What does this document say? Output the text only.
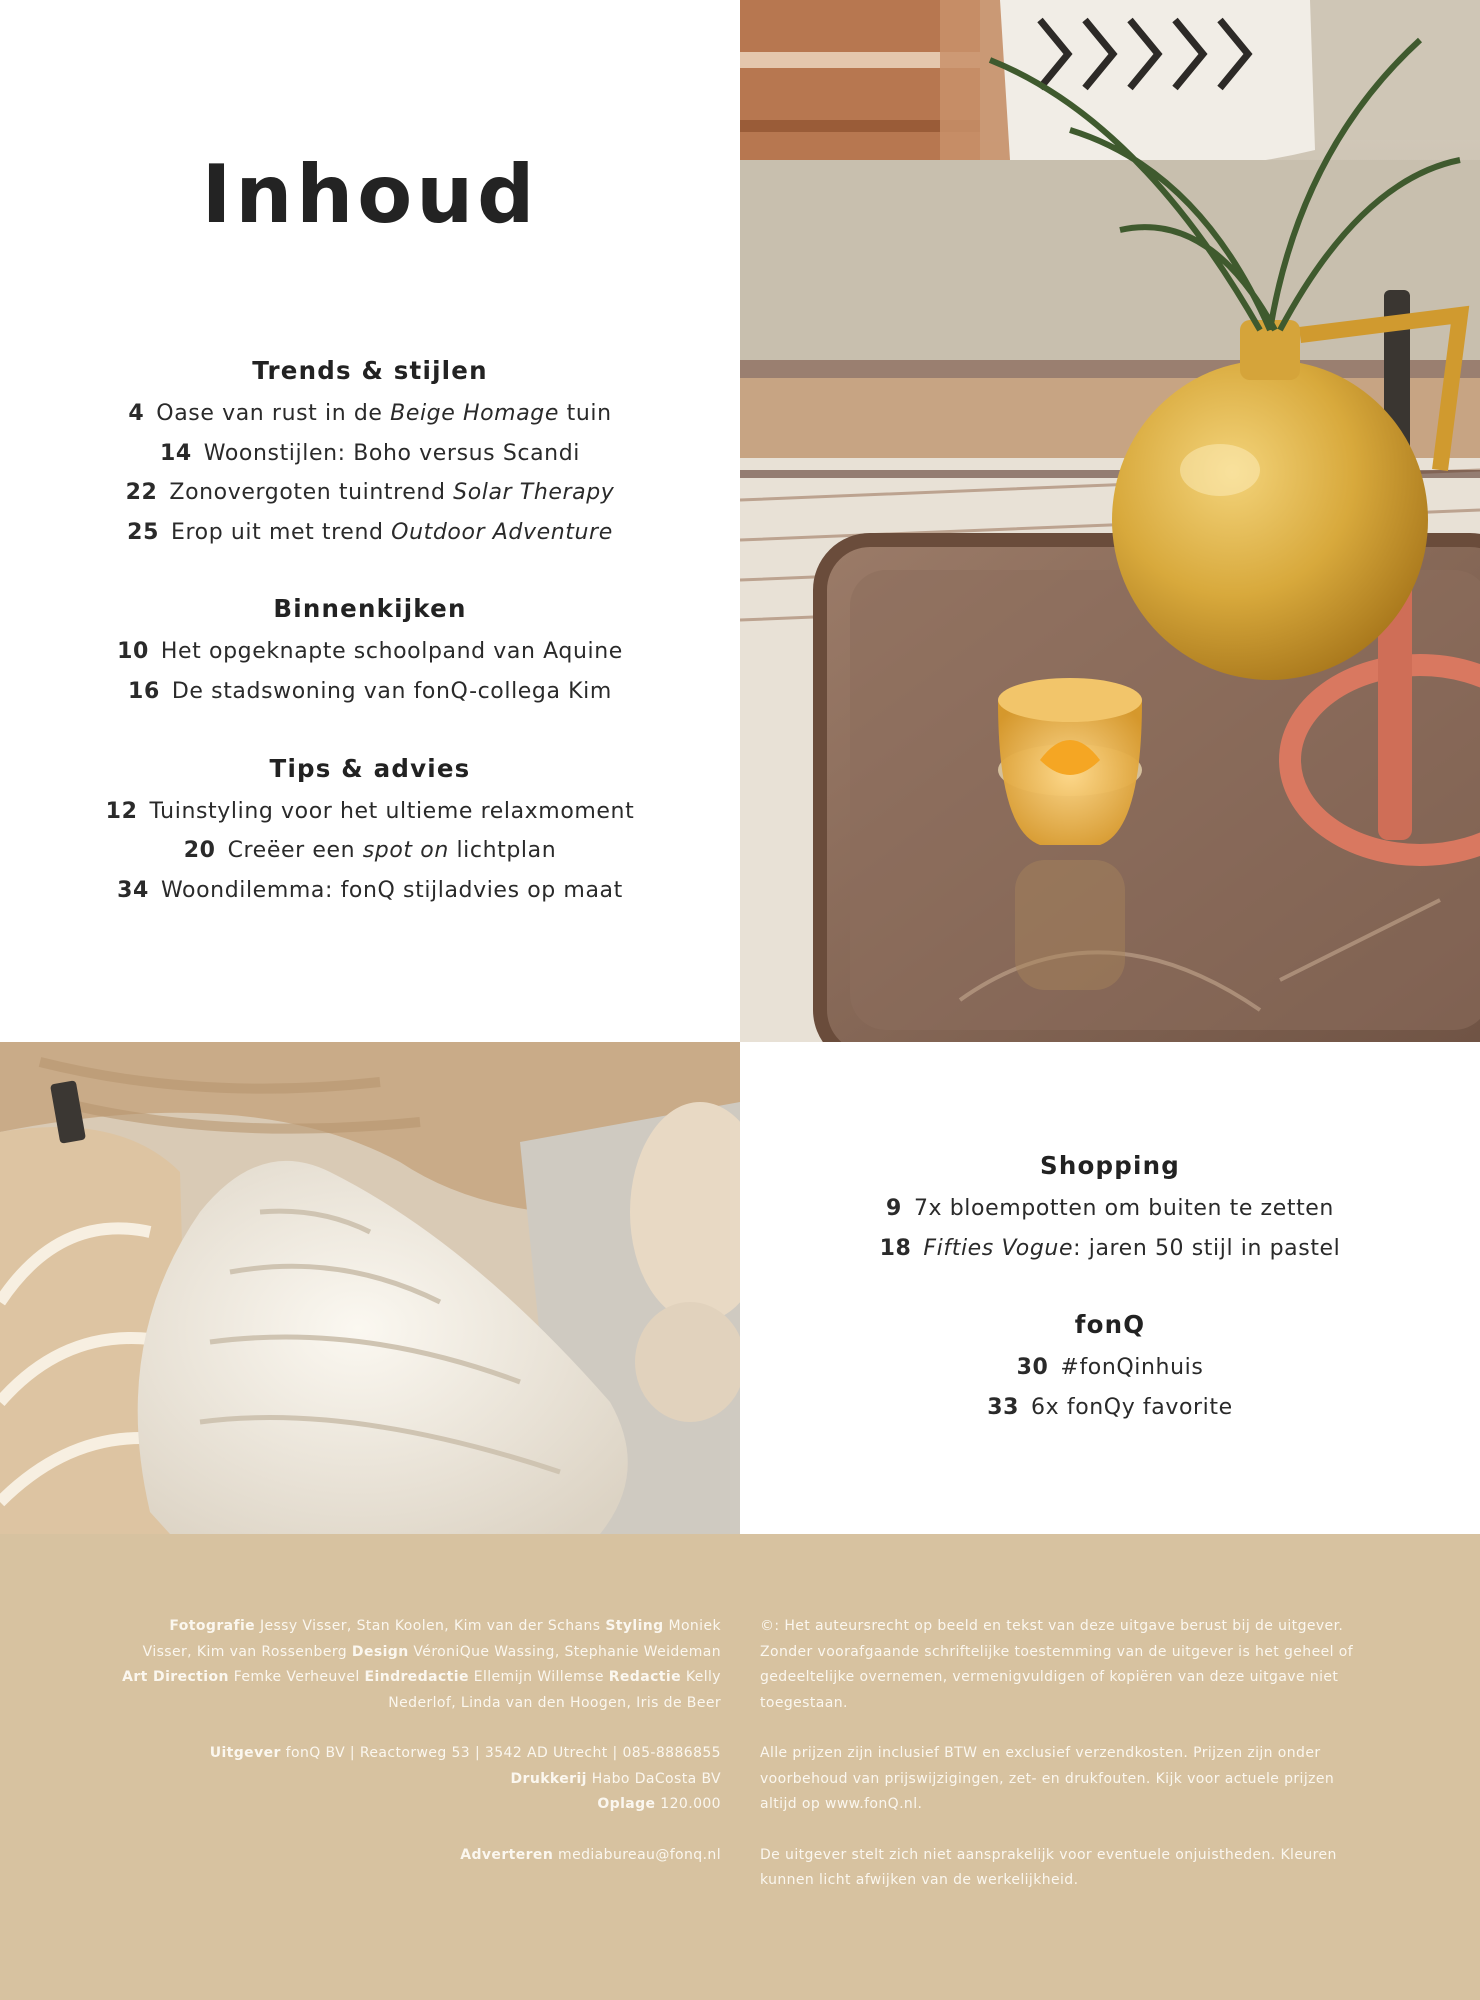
Inhoud
Trends & stijlen
4 Oase van rust in de Beige Homage tuin
14 Woonstijlen: Boho versus Scandi
22 Zonovergoten tuintrend Solar Therapy
25 Erop uit met trend Outdoor Adventure
Binnenkijken
10 Het opgeknapte schoolpand van Aquine
16 De stadswoning van fonQ-collega Kim
Tips & advies
12 Tuinstyling voor het ultieme relaxmoment
20 Creëer een spot on lichtplan
34 Woondilemma: fonQ stijladvies op maat
Shopping
9 7x bloempotten om buiten te zetten
18 Fifties Vogue: jaren 50 stijl in pastel
fonQ
30 #fonQinhuis
33 6x fonQy favorite
Fotografie Jessy Visser, Stan Koolen, Kim van der Schans Styling Moniek Visser, Kim van Rossenberg Design VéroniQue Wassing, Stephanie Weideman Art Direction Femke Verheuvel Eindredactie Ellemijn Willemse Redactie Kelly Nederlof, Linda van den Hoogen, Iris de Beer
Uitgever fonQ BV | Reactorweg 53 | 3542 AD Utrecht | 085-8886855
Drukkerij Habo DaCosta BV
Oplage 120.000
Adverteren mediabureau@fonq.nl
©: Het auteursrecht op beeld en tekst van deze uitgave berust bij de uitgever. Zonder voorafgaande schriftelijke toestemming van de uitgever is het geheel of gedeeltelijke overnemen, vermenigvuldigen of kopiëren van deze uitgave niet toegestaan.
Alle prijzen zijn inclusief BTW en exclusief verzendkosten. Prijzen zijn onder voorbehoud van prijswijzigingen, zet- en drukfouten. Kijk voor actuele prijzen altijd op www.fonQ.nl.
De uitgever stelt zich niet aansprakelijk voor eventuele onjuistheden. Kleuren kunnen licht afwijken van de werkelijkheid.
